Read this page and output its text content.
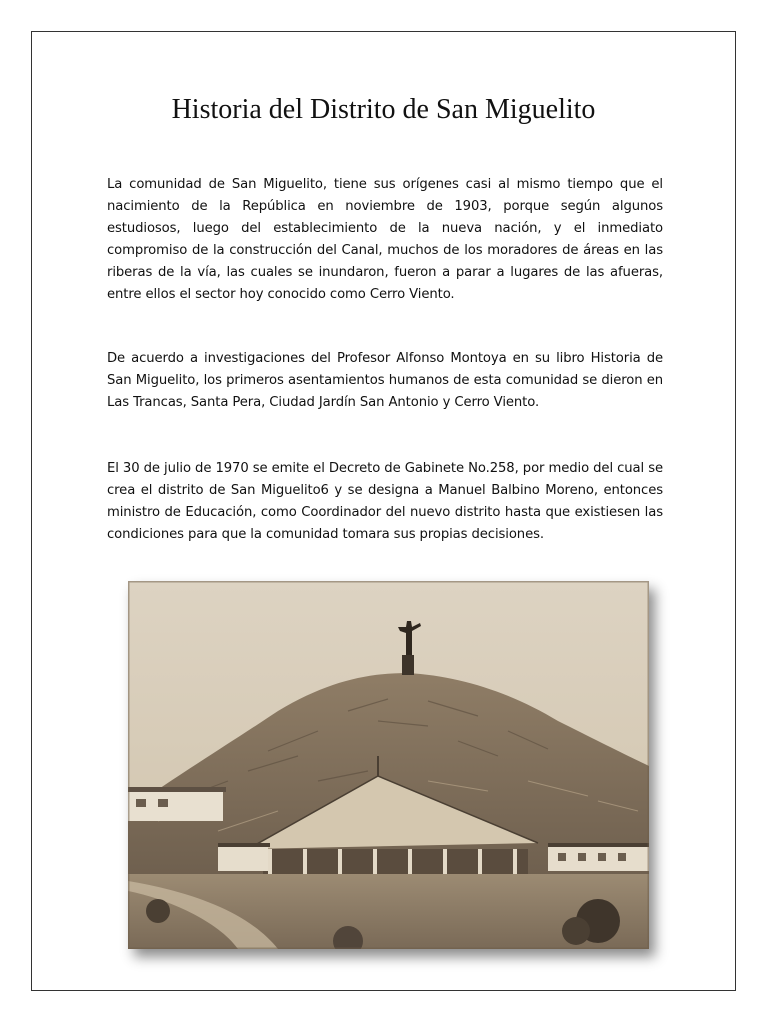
Historia del Distrito de San Miguelito

La comunidad de San Miguelito, tiene sus orígenes casi al mismo tiempo que el nacimiento de la República en noviembre de 1903, porque según algunos estudiosos, luego del establecimiento de la nueva nación, y el inmediato compromiso de la construcción del Canal, muchos de los moradores de áreas en las riberas de la vía, las cuales se inundaron, fueron a parar a lugares de las afueras, entre ellos el sector hoy conocido como Cerro Viento.

De acuerdo a investigaciones del Profesor Alfonso Montoya en su libro Historia de San Miguelito, los primeros asentamientos humanos de esta comunidad se dieron en Las Trancas, Santa Pera, Ciudad Jardín San Antonio y Cerro Viento.

El 30 de julio de 1970 se emite el Decreto de Gabinete No.258, por medio del cual se crea el distrito de San Miguelito6 y se designa a Manuel Balbino Moreno, entonces ministro de Educación, como Coordinador del nuevo distrito hasta que existiesen las condiciones para que la comunidad tomara sus propias decisiones.
